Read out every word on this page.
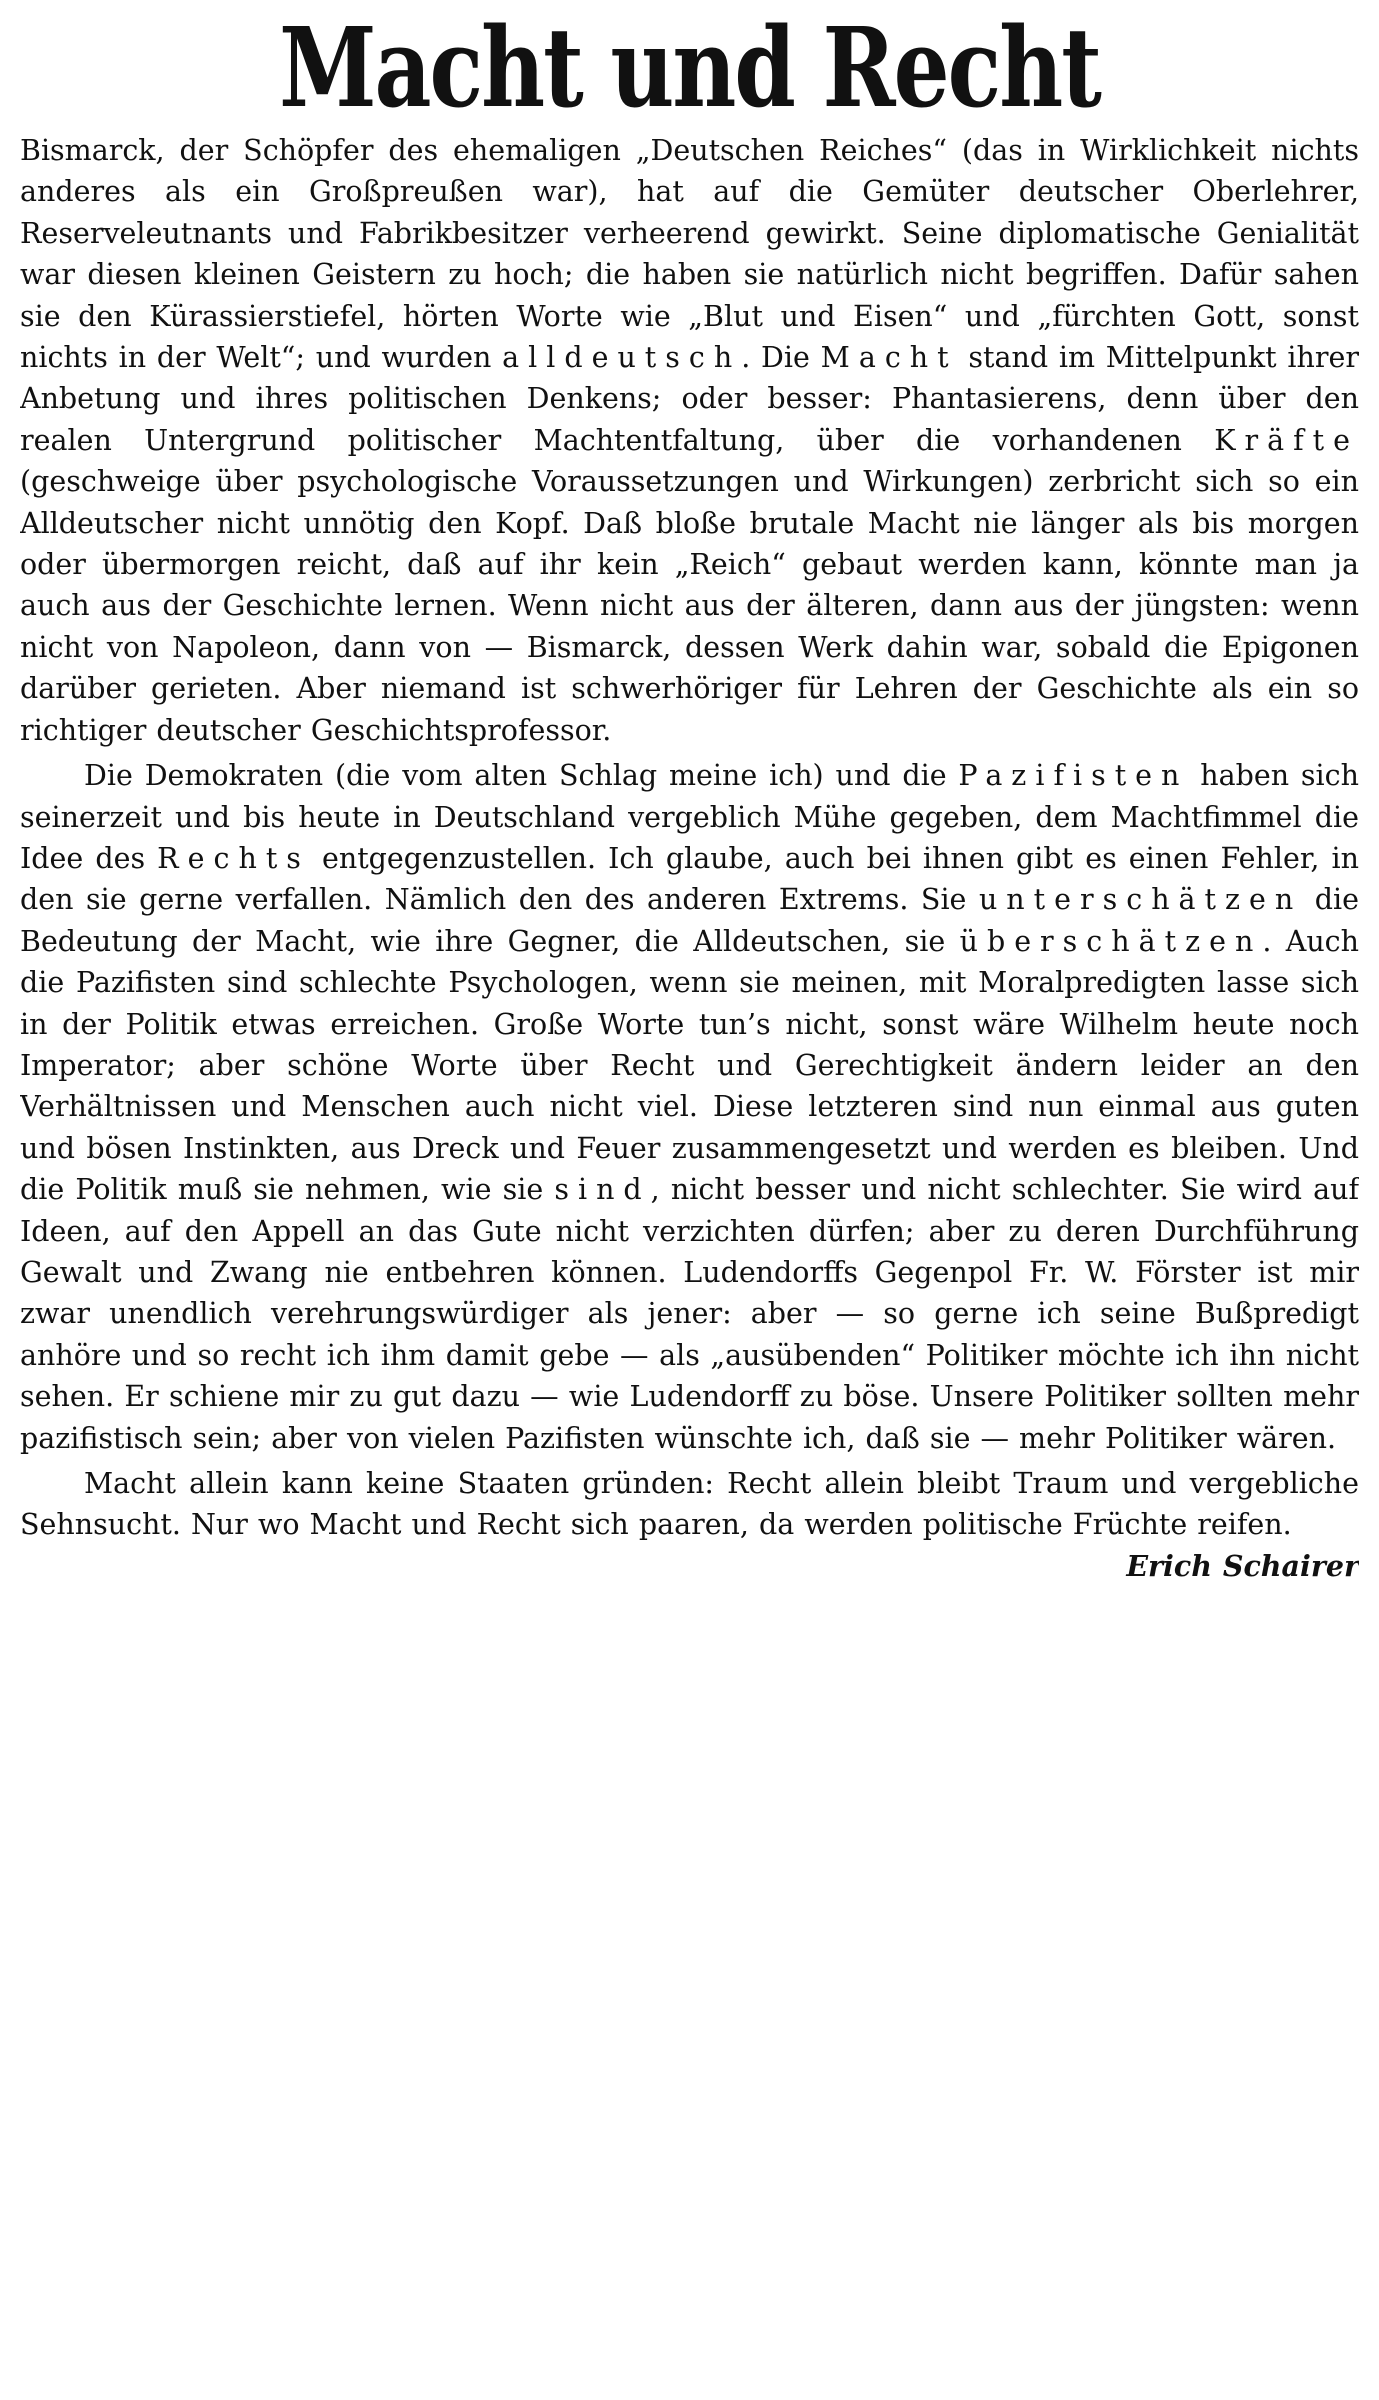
Macht und Recht

Bismarck, der Schöpfer des ehemaligen „Deutschen Reiches“ (das in Wirklichkeit nichts anderes als ein Großpreußen war), hat auf die Gemüter deutscher Oberlehrer, Reserveleutnants und Fabrikbesitzer verheerend gewirkt. Seine diplomatische Genialität war diesen kleinen Geistern zu hoch; die haben sie natürlich nicht begriffen. Dafür sahen sie den Kürassierstiefel, hörten Worte wie „Blut und Eisen“ und „fürchten Gott, sonst nichts in der Welt“; und wurden alldeutsch. Die Macht stand im Mittelpunkt ihrer Anbetung und ihres politischen Denkens; oder besser: Phantasierens, denn über den realen Untergrund politischer Machtentfaltung, über die vorhandenen Kräfte (geschweige über psychologische Voraussetzungen und Wirkungen) zerbricht sich so ein Alldeutscher nicht unnötig den Kopf. Daß bloße brutale Macht nie länger als bis morgen oder übermorgen reicht, daß auf ihr kein „Reich“ gebaut werden kann, könnte man ja auch aus der Geschichte lernen. Wenn nicht aus der älteren, dann aus der jüngsten: wenn nicht von Napoleon, dann von — Bismarck, dessen Werk dahin war, sobald die Epigonen darüber gerieten. Aber niemand ist schwerhöriger für Lehren der Geschichte als ein so richtiger deutscher Geschichtsprofessor.

Die Demokraten (die vom alten Schlag meine ich) und die Pazifisten haben sich seinerzeit und bis heute in Deutschland vergeblich Mühe gegeben, dem Machtfimmel die Idee des Rechts entgegenzustellen. Ich glaube, auch bei ihnen gibt es einen Fehler, in den sie gerne verfallen. Nämlich den des anderen Extrems. Sie unterschätzen die Bedeutung der Macht, wie ihre Gegner, die Alldeutschen, sie überschätzen. Auch die Pazifisten sind schlechte Psychologen, wenn sie meinen, mit Moralpredigten lasse sich in der Politik etwas erreichen. Große Worte tun’s nicht, sonst wäre Wilhelm heute noch Imperator; aber schöne Worte über Recht und Gerechtigkeit ändern leider an den Verhältnissen und Menschen auch nicht viel. Diese letzteren sind nun einmal aus guten und bösen Instinkten, aus Dreck und Feuer zusammengesetzt und werden es bleiben. Und die Politik muß sie nehmen, wie sie sind, nicht besser und nicht schlechter. Sie wird auf Ideen, auf den Appell an das Gute nicht verzichten dürfen; aber zu deren Durchführung Gewalt und Zwang nie entbehren können. Ludendorffs Gegenpol Fr. W. Förster ist mir zwar unendlich verehrungswürdiger als jener: aber — so gerne ich seine Bußpredigt anhöre und so recht ich ihm damit gebe — als „ausübenden“ Politiker möchte ich ihn nicht sehen. Er schiene mir zu gut dazu — wie Ludendorff zu böse. Unsere Politiker sollten mehr pazifistisch sein; aber von vielen Pazifisten wünschte ich, daß sie — mehr Politiker wären.

Macht allein kann keine Staaten gründen: Recht allein bleibt Traum und vergebliche Sehnsucht. Nur wo Macht und Recht sich paaren, da werden politische Früchte reifen.
Erich Schairer
